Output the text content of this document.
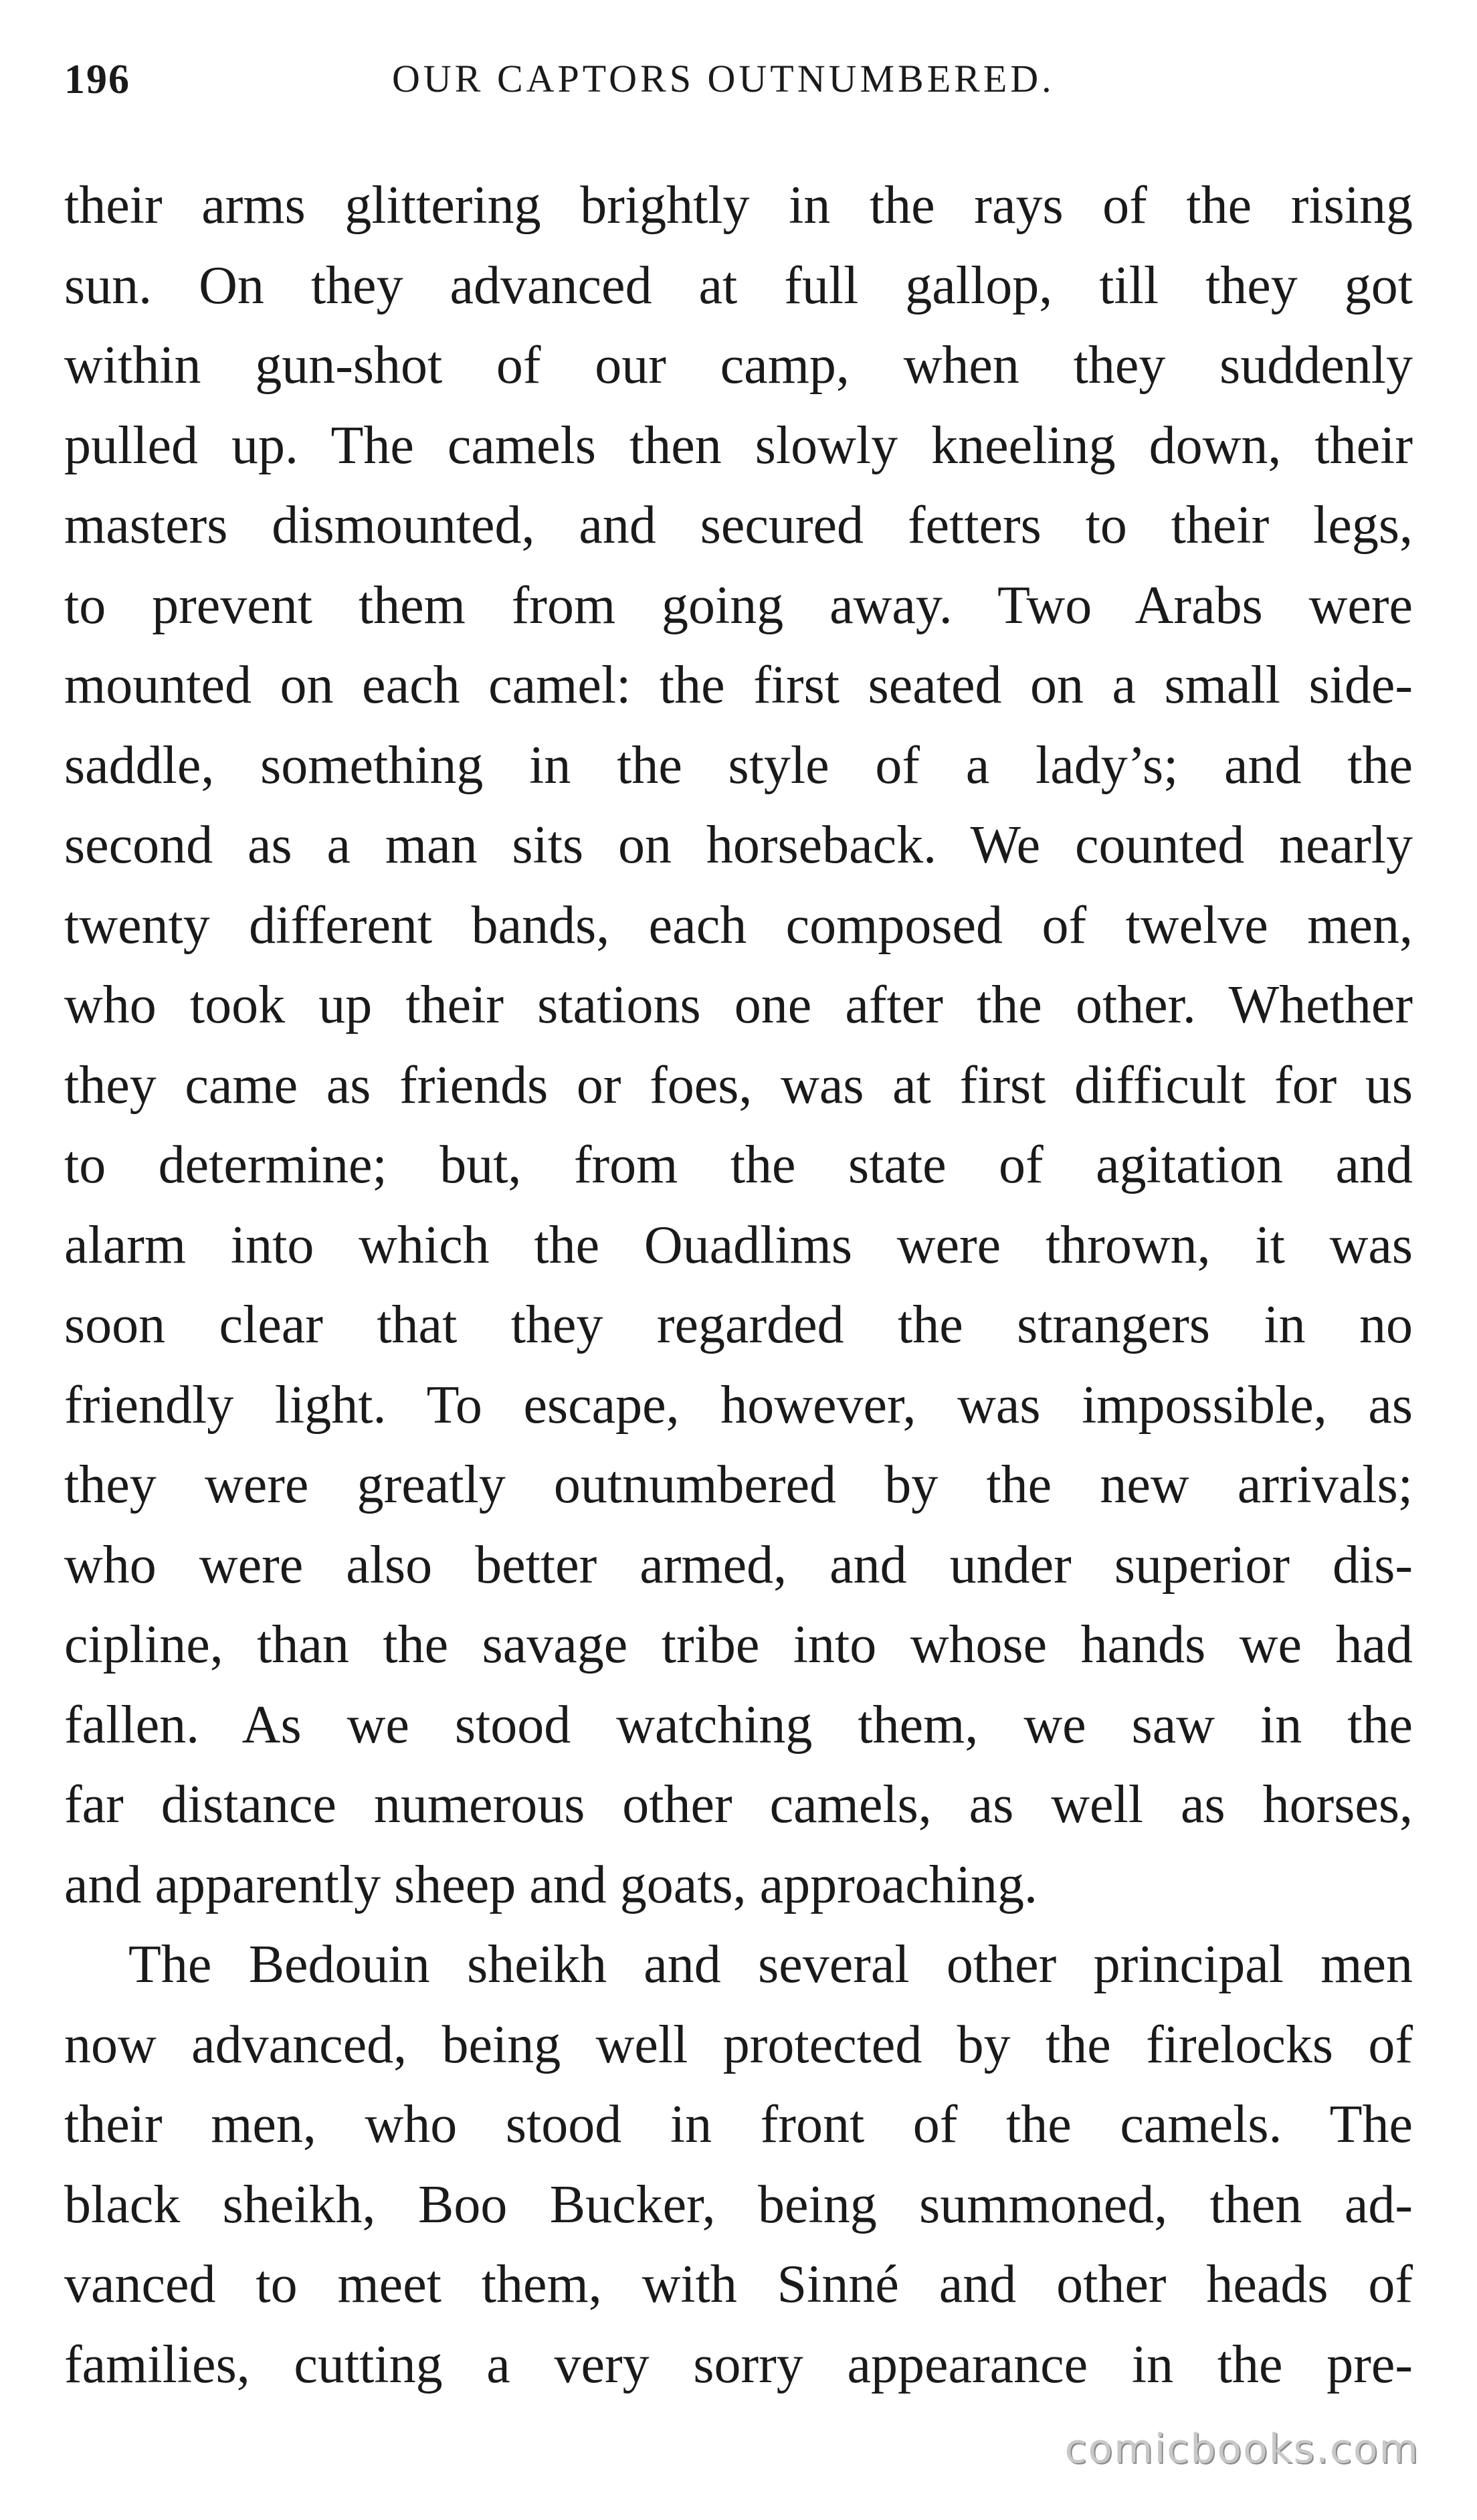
196	OUR CAPTORS OUTNUMBERED.
their arms glittering brightly in the rays of the rising
sun. On they advanced at full gallop, till they got
within gun-shot of our camp, when they suddenly
pulled up. The camels then slowly kneeling down, their
masters dismounted, and secured fetters to their legs,
to prevent them from going away. Two Arabs were
mounted on each camel: the first seated on a small side-
saddle, something in the style of a lady’s; and the
second as a man sits on horseback. We counted nearly
twenty different bands, each composed of twelve men,
who took up their stations one after the other. Whether
they came as friends or foes, was at first difficult for us
to determine; but, from the state of agitation and
alarm into which the Ouadlims were thrown, it was
soon clear that they regarded the strangers in no
friendly light. To escape, however, was impossible, as
they were greatly outnumbered by the new arrivals;
who were also better armed, and under superior dis-
cipline, than the savage tribe into whose hands we had
fallen. As we stood watching them, we saw in the
far distance numerous other camels, as well as horses,
and apparently sheep and goats, approaching.
The Bedouin sheikh and several other principal men
now advanced, being well protected by the firelocks of
their men, who stood in front of the camels. The
black sheikh, Boo Bucker, being summoned, then ad-
vanced to meet them, with Sinné and other heads of
families, cutting a very sorry appearance in the pre-
comicbooks.com
